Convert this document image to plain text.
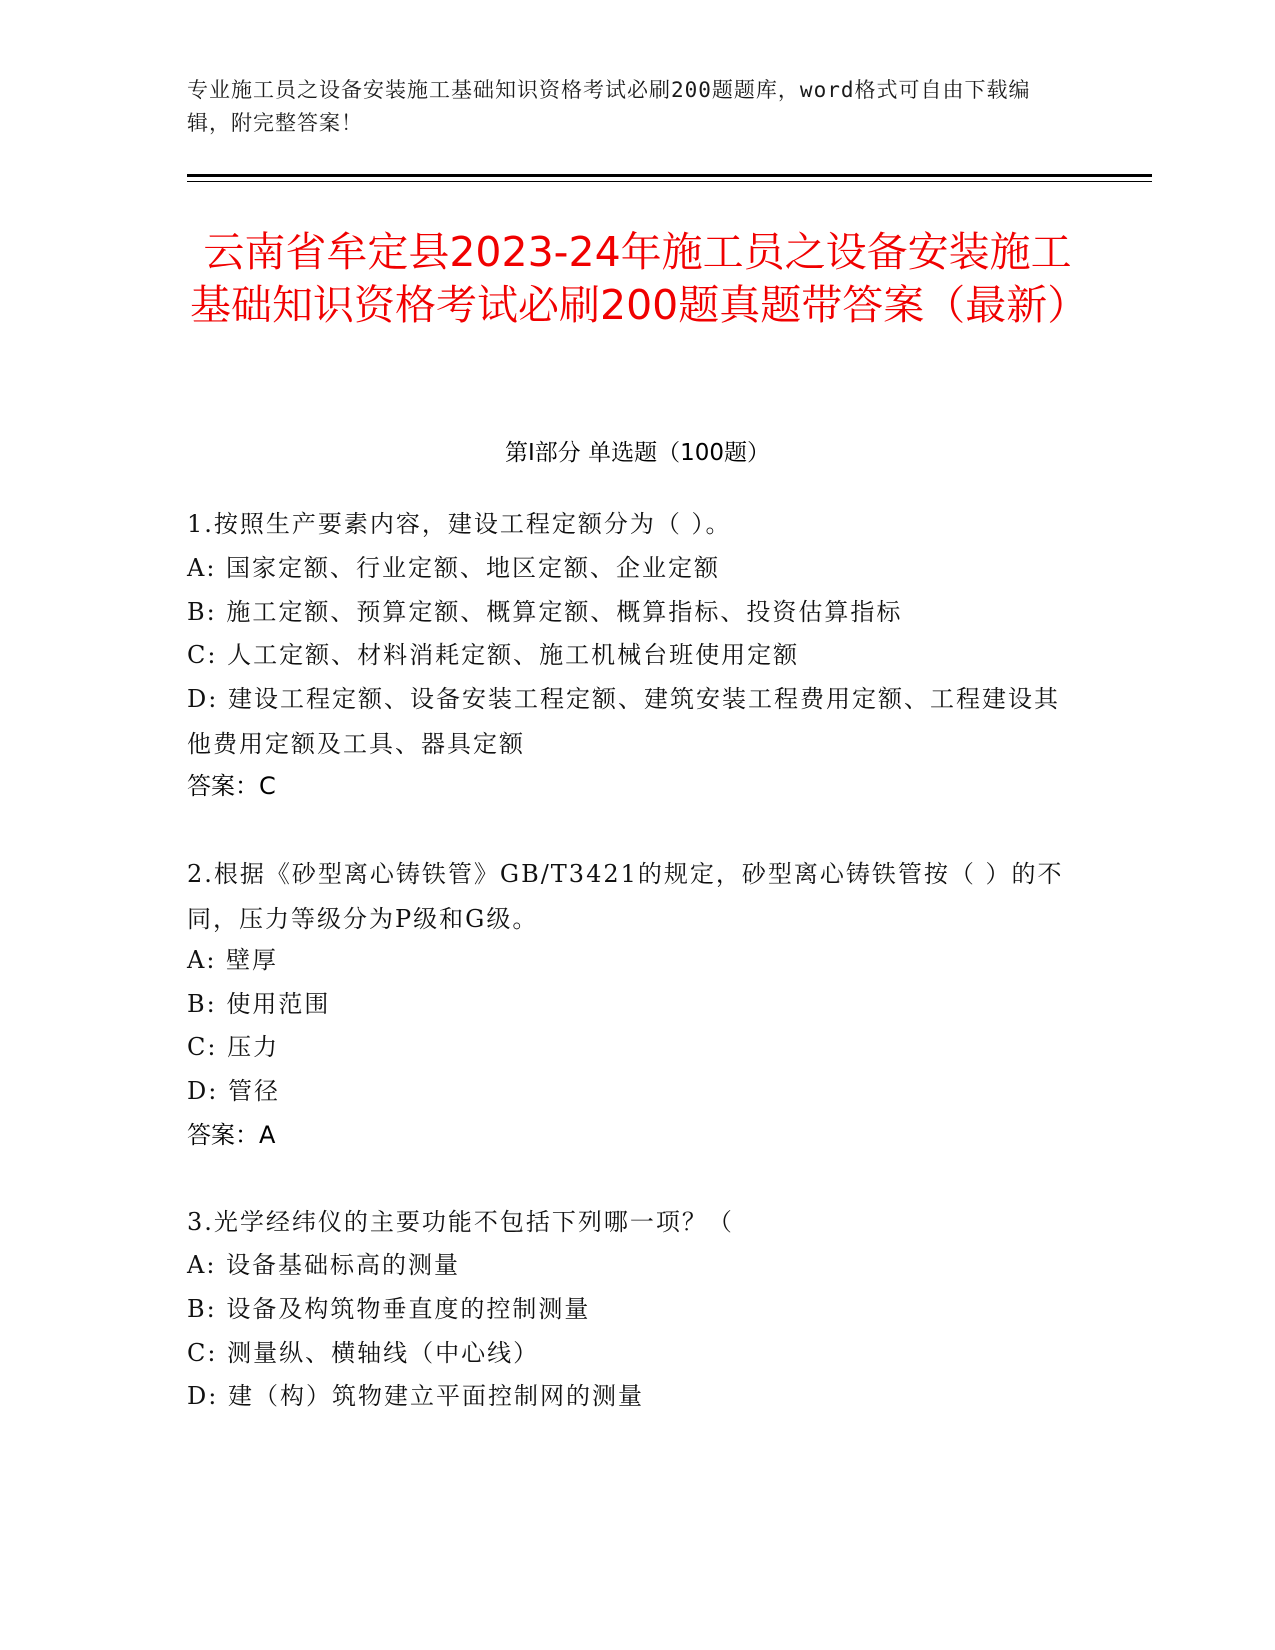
专业施工员之设备安装施工基础知识资格考试必刷200题题库，word格式可自由下载编辑，附完整答案！
云南省牟定县2023-24年施工员之设备安装施工基础知识资格考试必刷200题真题带答案（最新）
第Ⅰ部分 单选题（100题）
1.按照生产要素内容，建设工程定额分为（ ）。
A: 国家定额、行业定额、地区定额、企业定额
B: 施工定额、预算定额、概算定额、概算指标、投资估算指标
C: 人工定额、材料消耗定额、施工机械台班使用定额
D: 建设工程定额、设备安装工程定额、建筑安装工程费用定额、工程建设其他费用定额及工具、器具定额
答案：C
2.根据《砂型离心铸铁管》GB/T3421的规定，砂型离心铸铁管按（ ）的不同，压力等级分为P级和G级。
A: 壁厚
B: 使用范围
C: 压力
D: 管径
答案：A
3.光学经纬仪的主要功能不包括下列哪一项？（
A: 设备基础标高的测量
B: 设备及构筑物垂直度的控制测量
C: 测量纵、横轴线（中心线）
D: 建（构）筑物建立平面控制网的测量
